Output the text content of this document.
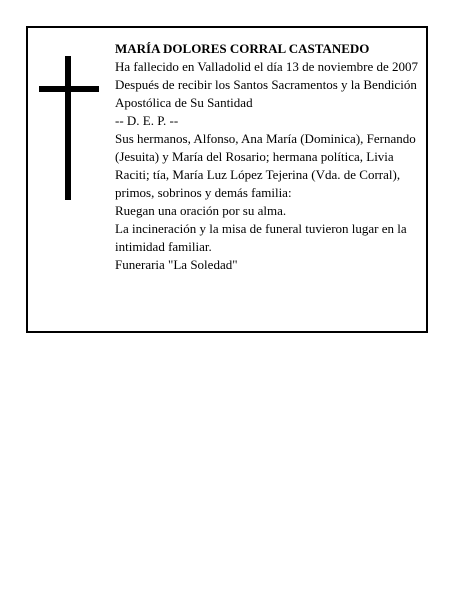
MARÍA DOLORES CORRAL CASTANEDO

Ha fallecido en Valladolid el día 13 de noviembre de 2007

Después de recibir los Santos Sacramentos y la Bendición Apostólica de Su Santidad

-- D. E. P. --

Sus hermanos, Alfonso, Ana María (Dominica), Fernando (Jesuita) y María del Rosario; hermana política, Livia Raciti; tía, María Luz López Tejerina (Vda. de Corral), primos, sobrinos y demás familia:

Ruegan una oración por su alma.

La incineración y la misa de funeral tuvieron lugar en la intimidad familiar.

Funeraria "La Soledad"
